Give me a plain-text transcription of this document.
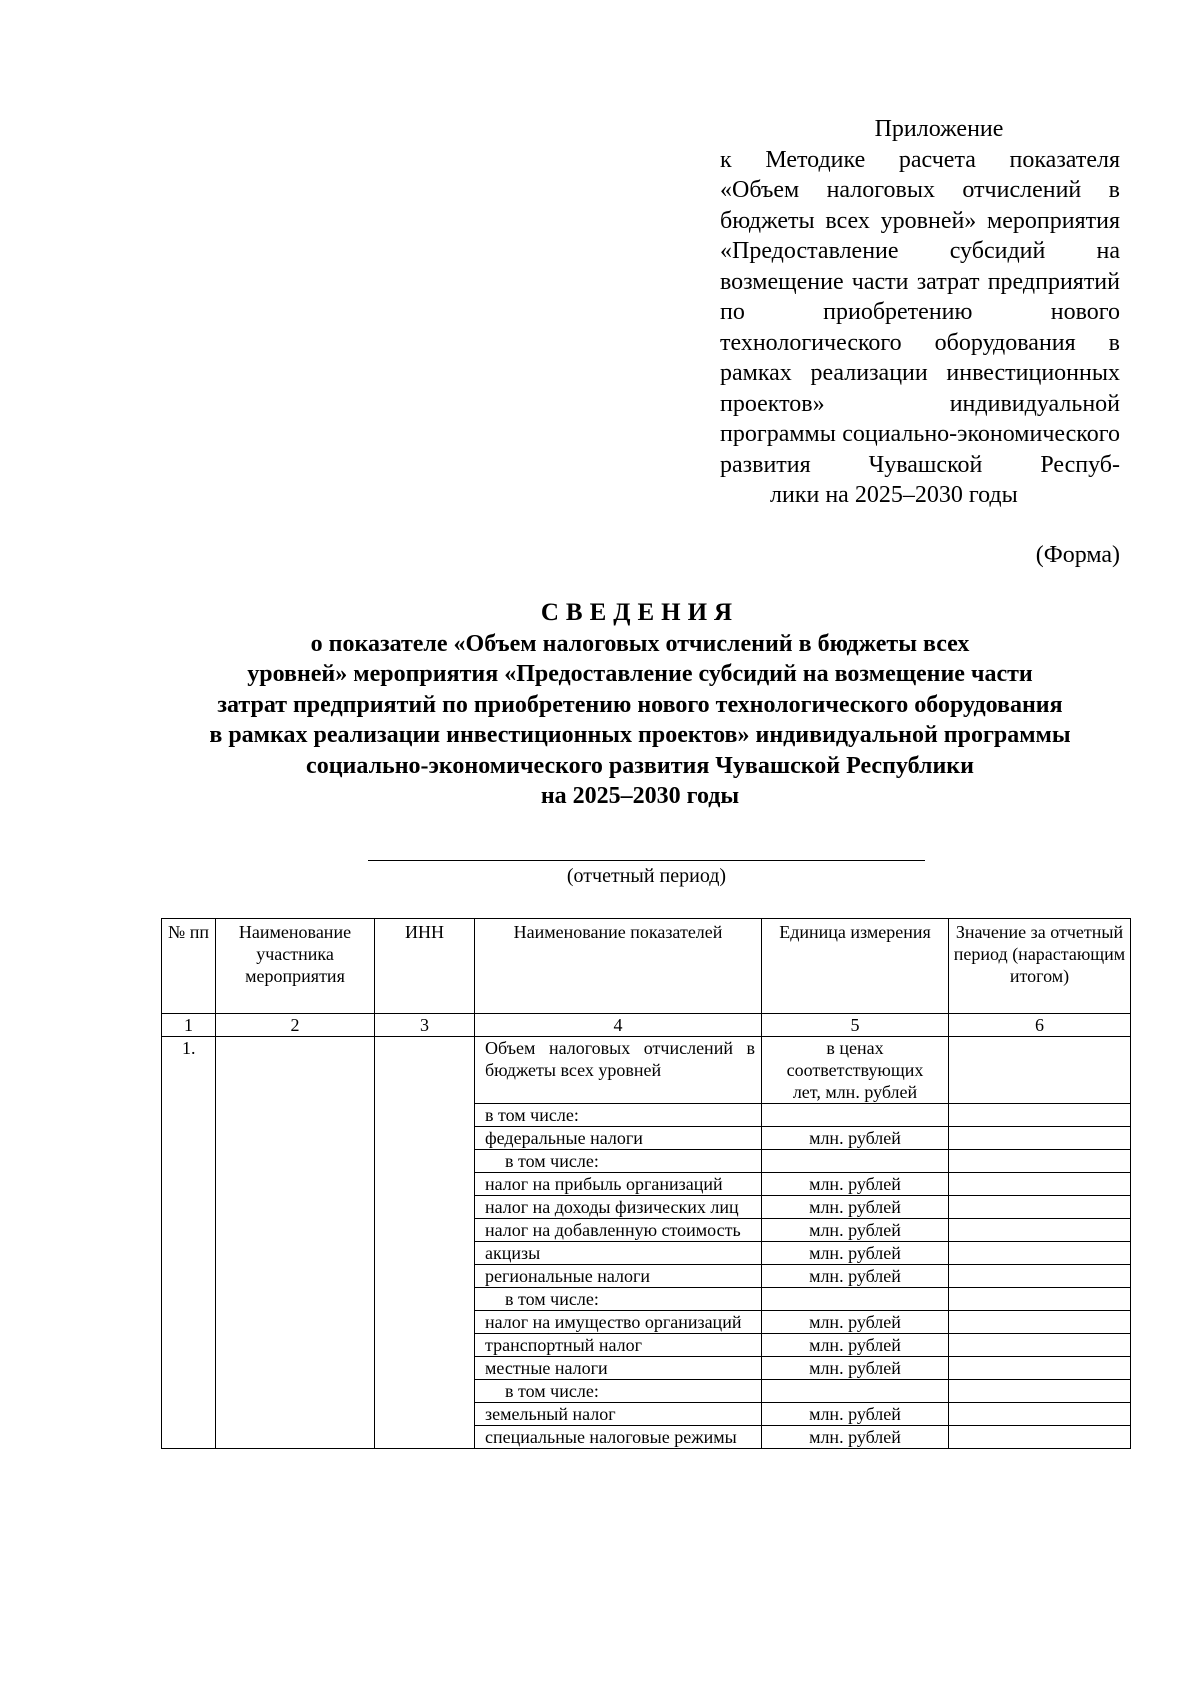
Приложение
к Методике расчета показателя «Объем налоговых отчислений в бюджеты всех уровней» мероприятия «Предоставление субсидий на возмещение части затрат предприятий по приобретению нового технологического оборудования в рамках реализации инвестиционных проектов» индивидуальной программы социально-экономического развития Чувашской Респуб-
лики на 2025–2030 годы
(Форма)
СВЕДЕНИЯ
о показателе «Объем налоговых отчислений в бюджеты всех
уровней» мероприятия «Предоставление субсидий на возмещение части
затрат предприятий по приобретению нового технологического оборудования
в рамках реализации инвестиционных проектов» индивидуальной программы
социально-экономического развития Чувашской Республики
на 2025–2030 годы
(отчетный период)
№ пп	Наименование участника мероприятия	ИНН	Наименование показателей	Единица измерения	Значение за отчетный период (нарастающим итогом)
1	2	3	4	5	6
1.			Объем налоговых отчислений в бюджеты всех уровней	в ценах соответствующих лет, млн. рублей	
			в том числе:		
			федеральные налоги	млн. рублей	
			в том числе:		
			налог на прибыль организаций	млн. рублей	
			налог на доходы физических лиц	млн. рублей	
			налог на добавленную стоимость	млн. рублей	
			акцизы	млн. рублей	
			региональные налоги	млн. рублей	
			в том числе:		
			налог на имущество организаций	млн. рублей	
			транспортный налог	млн. рублей	
			местные налоги	млн. рублей	
			в том числе:		
			земельный налог	млн. рублей	
			специальные налоговые режимы	млн. рублей	
